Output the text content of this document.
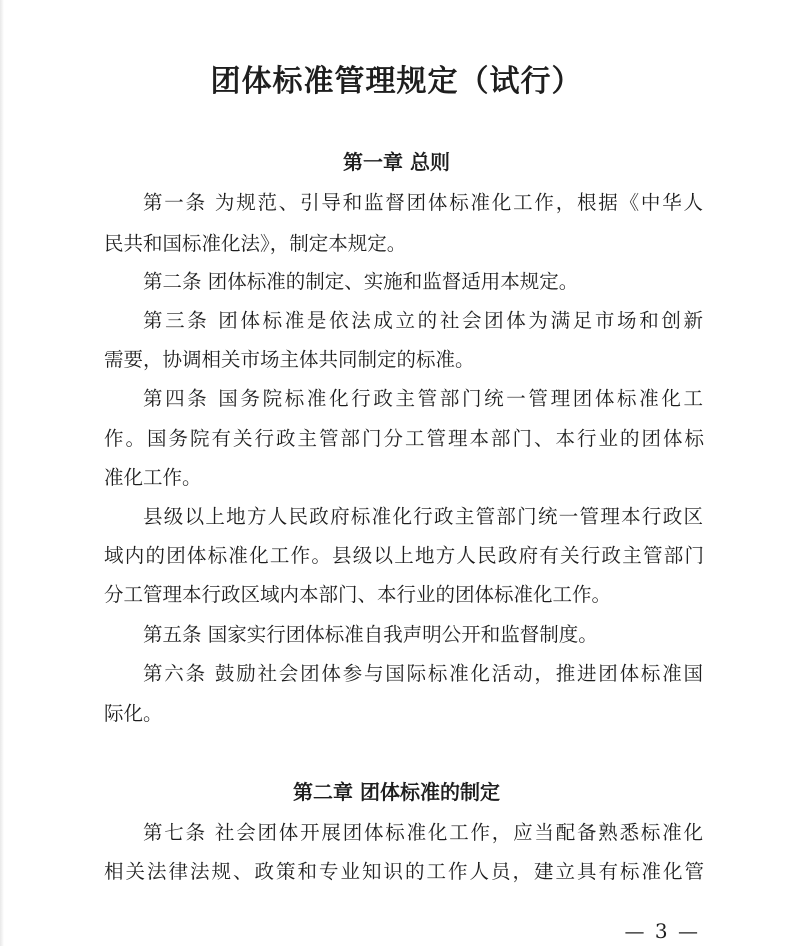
团体标准管理规定（试行）
第一章 总则
第一条 为规范、引导和监督团体标准化工作，根据《中华人
民共和国标准化法》，制定本规定。
第二条 团体标准的制定、实施和监督适用本规定。
第三条 团体标准是依法成立的社会团体为满足市场和创新
需要，协调相关市场主体共同制定的标准。
第四条 国务院标准化行政主管部门统一管理团体标准化工
作。国务院有关行政主管部门分工管理本部门、本行业的团体标
准化工作。
县级以上地方人民政府标准化行政主管部门统一管理本行政区
域内的团体标准化工作。县级以上地方人民政府有关行政主管部门
分工管理本行政区域内本部门、本行业的团体标准化工作。
第五条 国家实行团体标准自我声明公开和监督制度。
第六条 鼓励社会团体参与国际标准化活动，推进团体标准国
际化。
第二章 团体标准的制定
第七条 社会团体开展团体标准化工作，应当配备熟悉标准化
相关法律法规、政策和专业知识的工作人员，建立具有标准化管
— 3 —
